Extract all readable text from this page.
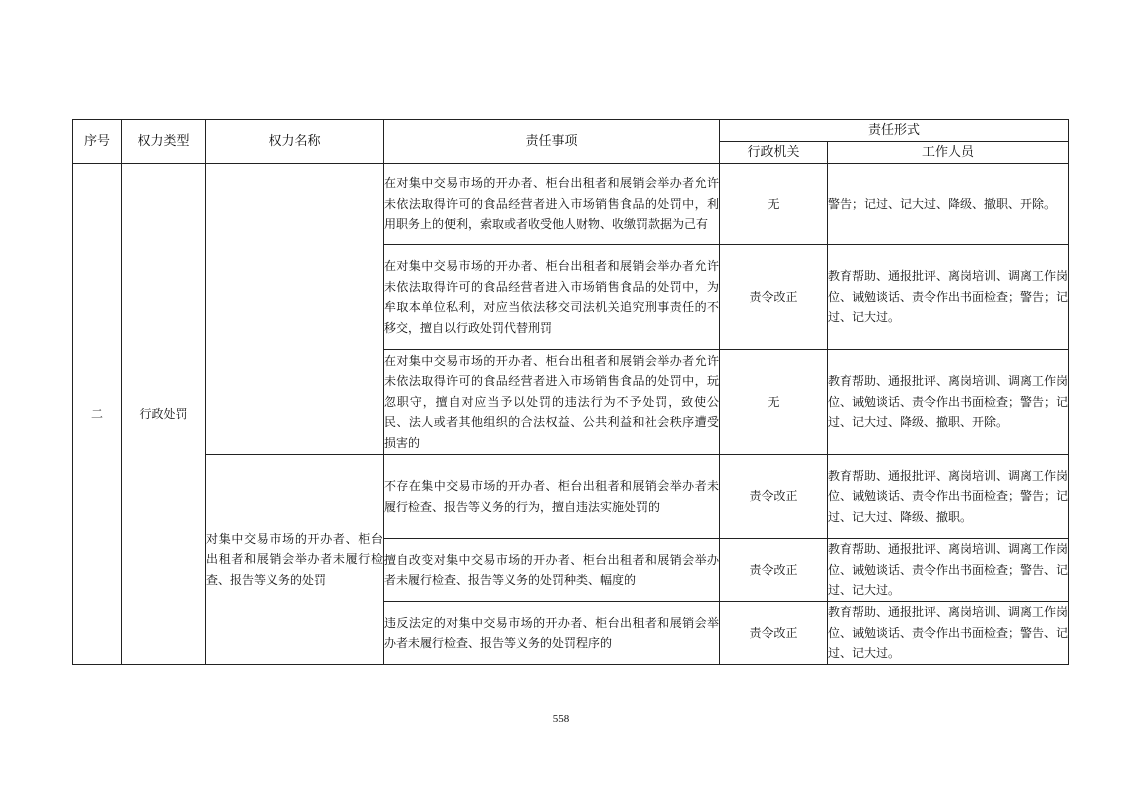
序号	权力类型	权力名称	责任事项	责任形式	
				行政机关	工作人员
二	行政处罚		在对集中交易市场的开办者、柜台出租者和展销会举办者允许未依法取得许可的食品经营者进入市场销售食品的处罚中，利用职务上的便利，索取或者收受他人财物、收缴罚款据为己有	无	警告；记过、记大过、降级、撤职、开除。
			在对集中交易市场的开办者、柜台出租者和展销会举办者允许未依法取得许可的食品经营者进入市场销售食品的处罚中，为牟取本单位私利，对应当依法移交司法机关追究刑事责任的不移交，擅自以行政处罚代替刑罚	责令改正	教育帮助、通报批评、离岗培训、调离工作岗位、诫勉谈话、责令作出书面检查；警告；记过、记大过。
			在对集中交易市场的开办者、柜台出租者和展销会举办者允许未依法取得许可的食品经营者进入市场销售食品的处罚中，玩忽职守，擅自对应当予以处罚的违法行为不予处罚，致使公民、法人或者其他组织的合法权益、公共利益和社会秩序遭受损害的	无	教育帮助、通报批评、离岗培训、调离工作岗位、诫勉谈话、责令作出书面检查；警告；记过、记大过、降级、撤职、开除。
		对集中交易市场的开办者、柜台出租者和展销会举办者未履行检查、报告等义务的处罚	不存在集中交易市场的开办者、柜台出租者和展销会举办者未履行检查、报告等义务的行为，擅自违法实施处罚的	责令改正	教育帮助、通报批评、离岗培训、调离工作岗位、诫勉谈话、责令作出书面检查；警告；记过、记大过、降级、撤职。
			擅自改变对集中交易市场的开办者、柜台出租者和展销会举办者未履行检查、报告等义务的处罚种类、幅度的	责令改正	教育帮助、通报批评、离岗培训、调离工作岗位、诫勉谈话、责令作出书面检查；警告、记过、记大过。
			违反法定的对集中交易市场的开办者、柜台出租者和展销会举办者未履行检查、报告等义务的处罚程序的	责令改正	教育帮助、通报批评、离岗培训、调离工作岗位、诫勉谈话、责令作出书面检查；警告、记过、记大过。
558
